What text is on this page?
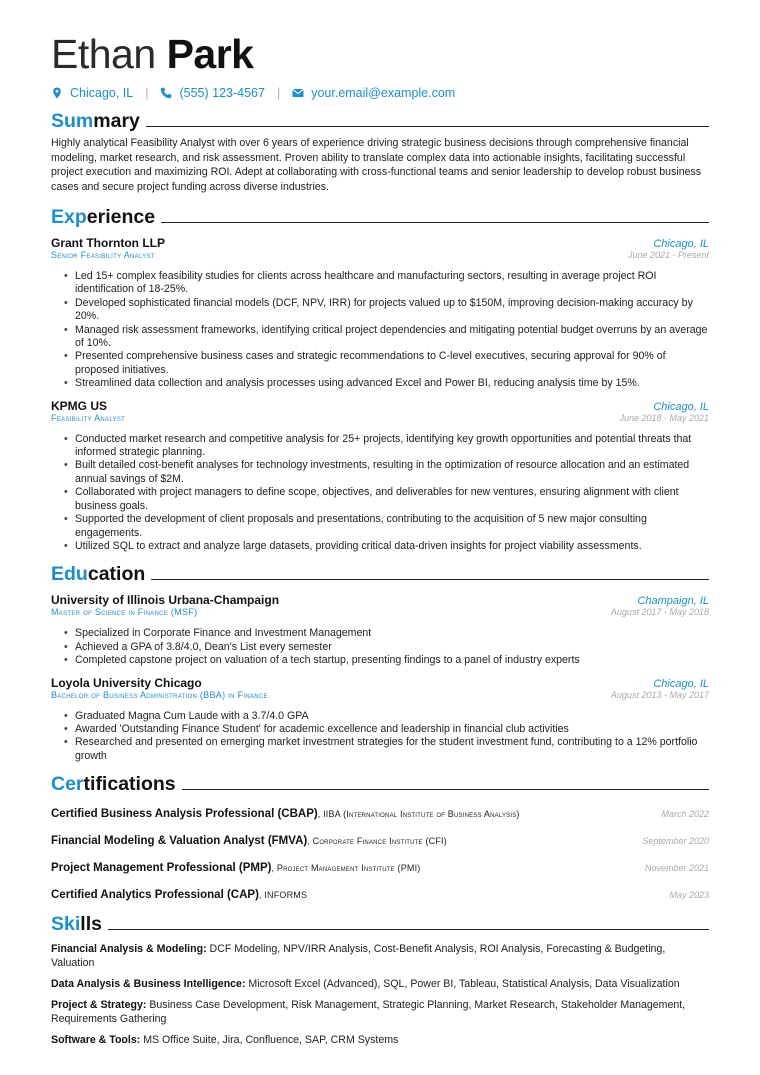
Ethan Park
Chicago, IL | (555) 123-4567 | your.email@example.com
Summary
Highly analytical Feasibility Analyst with over 6 years of experience driving strategic business decisions through comprehensive financial modeling, market research, and risk assessment. Proven ability to translate complex data into actionable insights, facilitating successful project execution and maximizing ROI. Adept at collaborating with cross-functional teams and senior leadership to develop robust business cases and secure project funding across diverse industries.
Experience
Grant Thornton LLP	Chicago, IL
Senior Feasibility Analyst	June 2021 - Present
• Led 15+ complex feasibility studies for clients across healthcare and manufacturing sectors, resulting in average project ROI identification of 18-25%.
• Developed sophisticated financial models (DCF, NPV, IRR) for projects valued up to $150M, improving decision-making accuracy by 20%.
• Managed risk assessment frameworks, identifying critical project dependencies and mitigating potential budget overruns by an average of 10%.
• Presented comprehensive business cases and strategic recommendations to C-level executives, securing approval for 90% of proposed initiatives.
• Streamlined data collection and analysis processes using advanced Excel and Power BI, reducing analysis time by 15%.
KPMG US	Chicago, IL
Feasibility Analyst	June 2018 - May 2021
• Conducted market research and competitive analysis for 25+ projects, identifying key growth opportunities and potential threats that informed strategic planning.
• Built detailed cost-benefit analyses for technology investments, resulting in the optimization of resource allocation and an estimated annual savings of $2M.
• Collaborated with project managers to define scope, objectives, and deliverables for new ventures, ensuring alignment with client business goals.
• Supported the development of client proposals and presentations, contributing to the acquisition of 5 new major consulting engagements.
• Utilized SQL to extract and analyze large datasets, providing critical data-driven insights for project viability assessments.
Education
University of Illinois Urbana-Champaign	Champaign, IL
Master of Science in Finance (MSF)	August 2017 - May 2018
• Specialized in Corporate Finance and Investment Management
• Achieved a GPA of 3.8/4.0, Dean's List every semester
• Completed capstone project on valuation of a tech startup, presenting findings to a panel of industry experts
Loyola University Chicago	Chicago, IL
Bachelor of Business Administration (BBA) in Finance	August 2013 - May 2017
• Graduated Magna Cum Laude with a 3.7/4.0 GPA
• Awarded 'Outstanding Finance Student' for academic excellence and leadership in financial club activities
• Researched and presented on emerging market investment strategies for the student investment fund, contributing to a 12% portfolio growth
Certifications
Certified Business Analysis Professional (CBAP), IIBA (International Institute of Business Analysis)	March 2022
Financial Modeling & Valuation Analyst (FMVA), Corporate Finance Institute (CFI)	September 2020
Project Management Professional (PMP), Project Management Institute (PMI)	November 2021
Certified Analytics Professional (CAP), INFORMS	May 2023
Skills
Financial Analysis & Modeling: DCF Modeling, NPV/IRR Analysis, Cost-Benefit Analysis, ROI Analysis, Forecasting & Budgeting, Valuation
Data Analysis & Business Intelligence: Microsoft Excel (Advanced), SQL, Power BI, Tableau, Statistical Analysis, Data Visualization
Project & Strategy: Business Case Development, Risk Management, Strategic Planning, Market Research, Stakeholder Management, Requirements Gathering
Software & Tools: MS Office Suite, Jira, Confluence, SAP, CRM Systems
